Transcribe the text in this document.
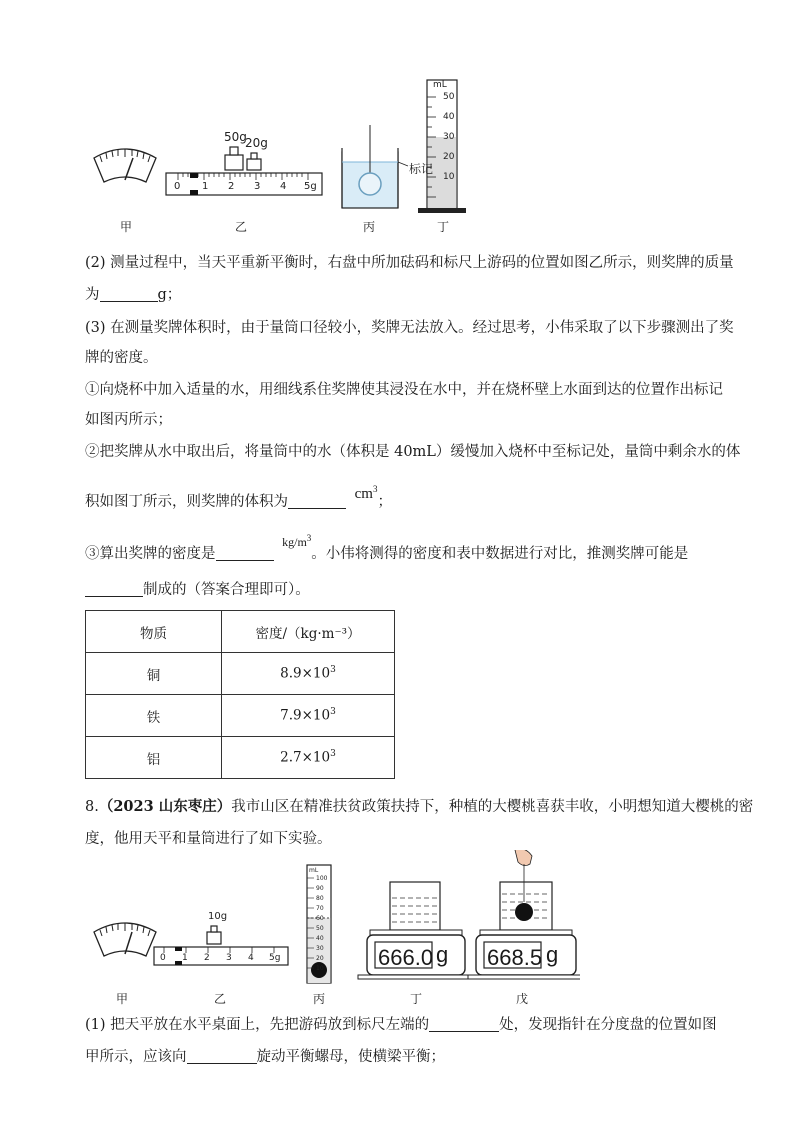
50g
20g
0 1 2 3 4 5g
标记
mL
50
40
30
20
10
甲	乙	丙	丁
(2) 测量过程中，当天平重新平衡时，右盘中所加砝码和标尺上游码的位置如图乙所示，则奖牌的质量
为	g；
(3) 在测量奖牌体积时，由于量筒口径较小，奖牌无法放入。经过思考，小伟采取了以下步骤测出了奖
牌的密度。
①向烧杯中加入适量的水，用细线系住奖牌使其浸没在水中，并在烧杯壁上水面到达的位置作出标记
如图丙所示；
②把奖牌从水中取出后，将量筒中的水（体积是 40mL）缓慢加入烧杯中至标记处，量筒中剩余水的体
积如图丁所示，则奖牌的体积为	$cm^3$；
③算出奖牌的密度是 $^{kg/m^3}$。小伟将测得的密度和表中数据进行对比，推测奖牌可能是
制成的（答案合理即可）。
物质	密度/（kg·m⁻³）
铜	$8.9\times 10^3$
铁	$7.9\times 10^3$
铝	$2.7\times 10^3$
8.（2023 山东枣庄）我市山区在精准扶贫政策扶持下，种植的大樱桃喜获丰收，小明想知道大樱桃的密
度，他用天平和量筒进行了如下实验。
10g
0 1 2 3 4 5g
mL
100
90
80
70
60
50
40
30
20
10 666.0 g 668.5 g
甲	乙	丙	丁	戊
(1) 把天平放在水平桌面上，先把游码放到标尺左端的	处，发现指针在分度盘的位置如图
甲所示，应该向	旋动平衡螺母，使横梁平衡；
